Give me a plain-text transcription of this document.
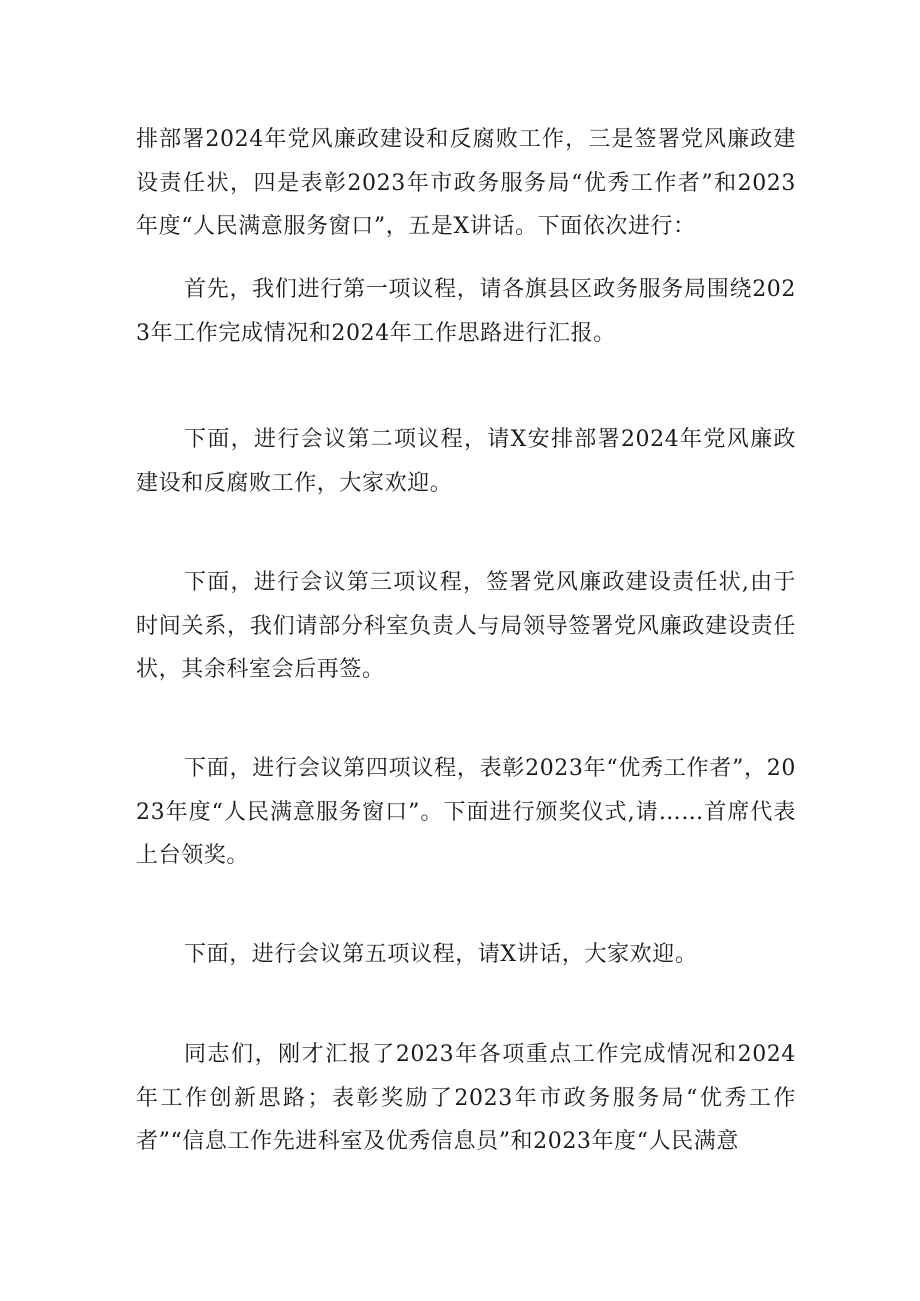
排部署2024年党风廉政建设和反腐败工作，三是签署党风廉政建设责任状，四是表彰2023年市政务服务局“优秀工作者”和2023年度“人民满意服务窗口”，五是X讲话。下面依次进行：

首先，我们进行第一项议程，请各旗县区政务服务局围绕2023年工作完成情况和2024年工作思路进行汇报。

下面，进行会议第二项议程，请X安排部署2024年党风廉政建设和反腐败工作，大家欢迎。

下面，进行会议第三项议程，签署党风廉政建设责任状,由于时间关系，我们请部分科室负责人与局领导签署党风廉政建设责任状，其余科室会后再签。

下面，进行会议第四项议程，表彰2023年“优秀工作者”，2023年度“人民满意服务窗口”。下面进行颁奖仪式,请……首席代表上台领奖。

下面，进行会议第五项议程，请X讲话，大家欢迎。

同志们，刚才汇报了2023年各项重点工作完成情况和2024年工作创新思路；表彰奖励了2023年市政务服务局“优秀工作者”“信息工作先进科室及优秀信息员”和2023年度“人民满意
